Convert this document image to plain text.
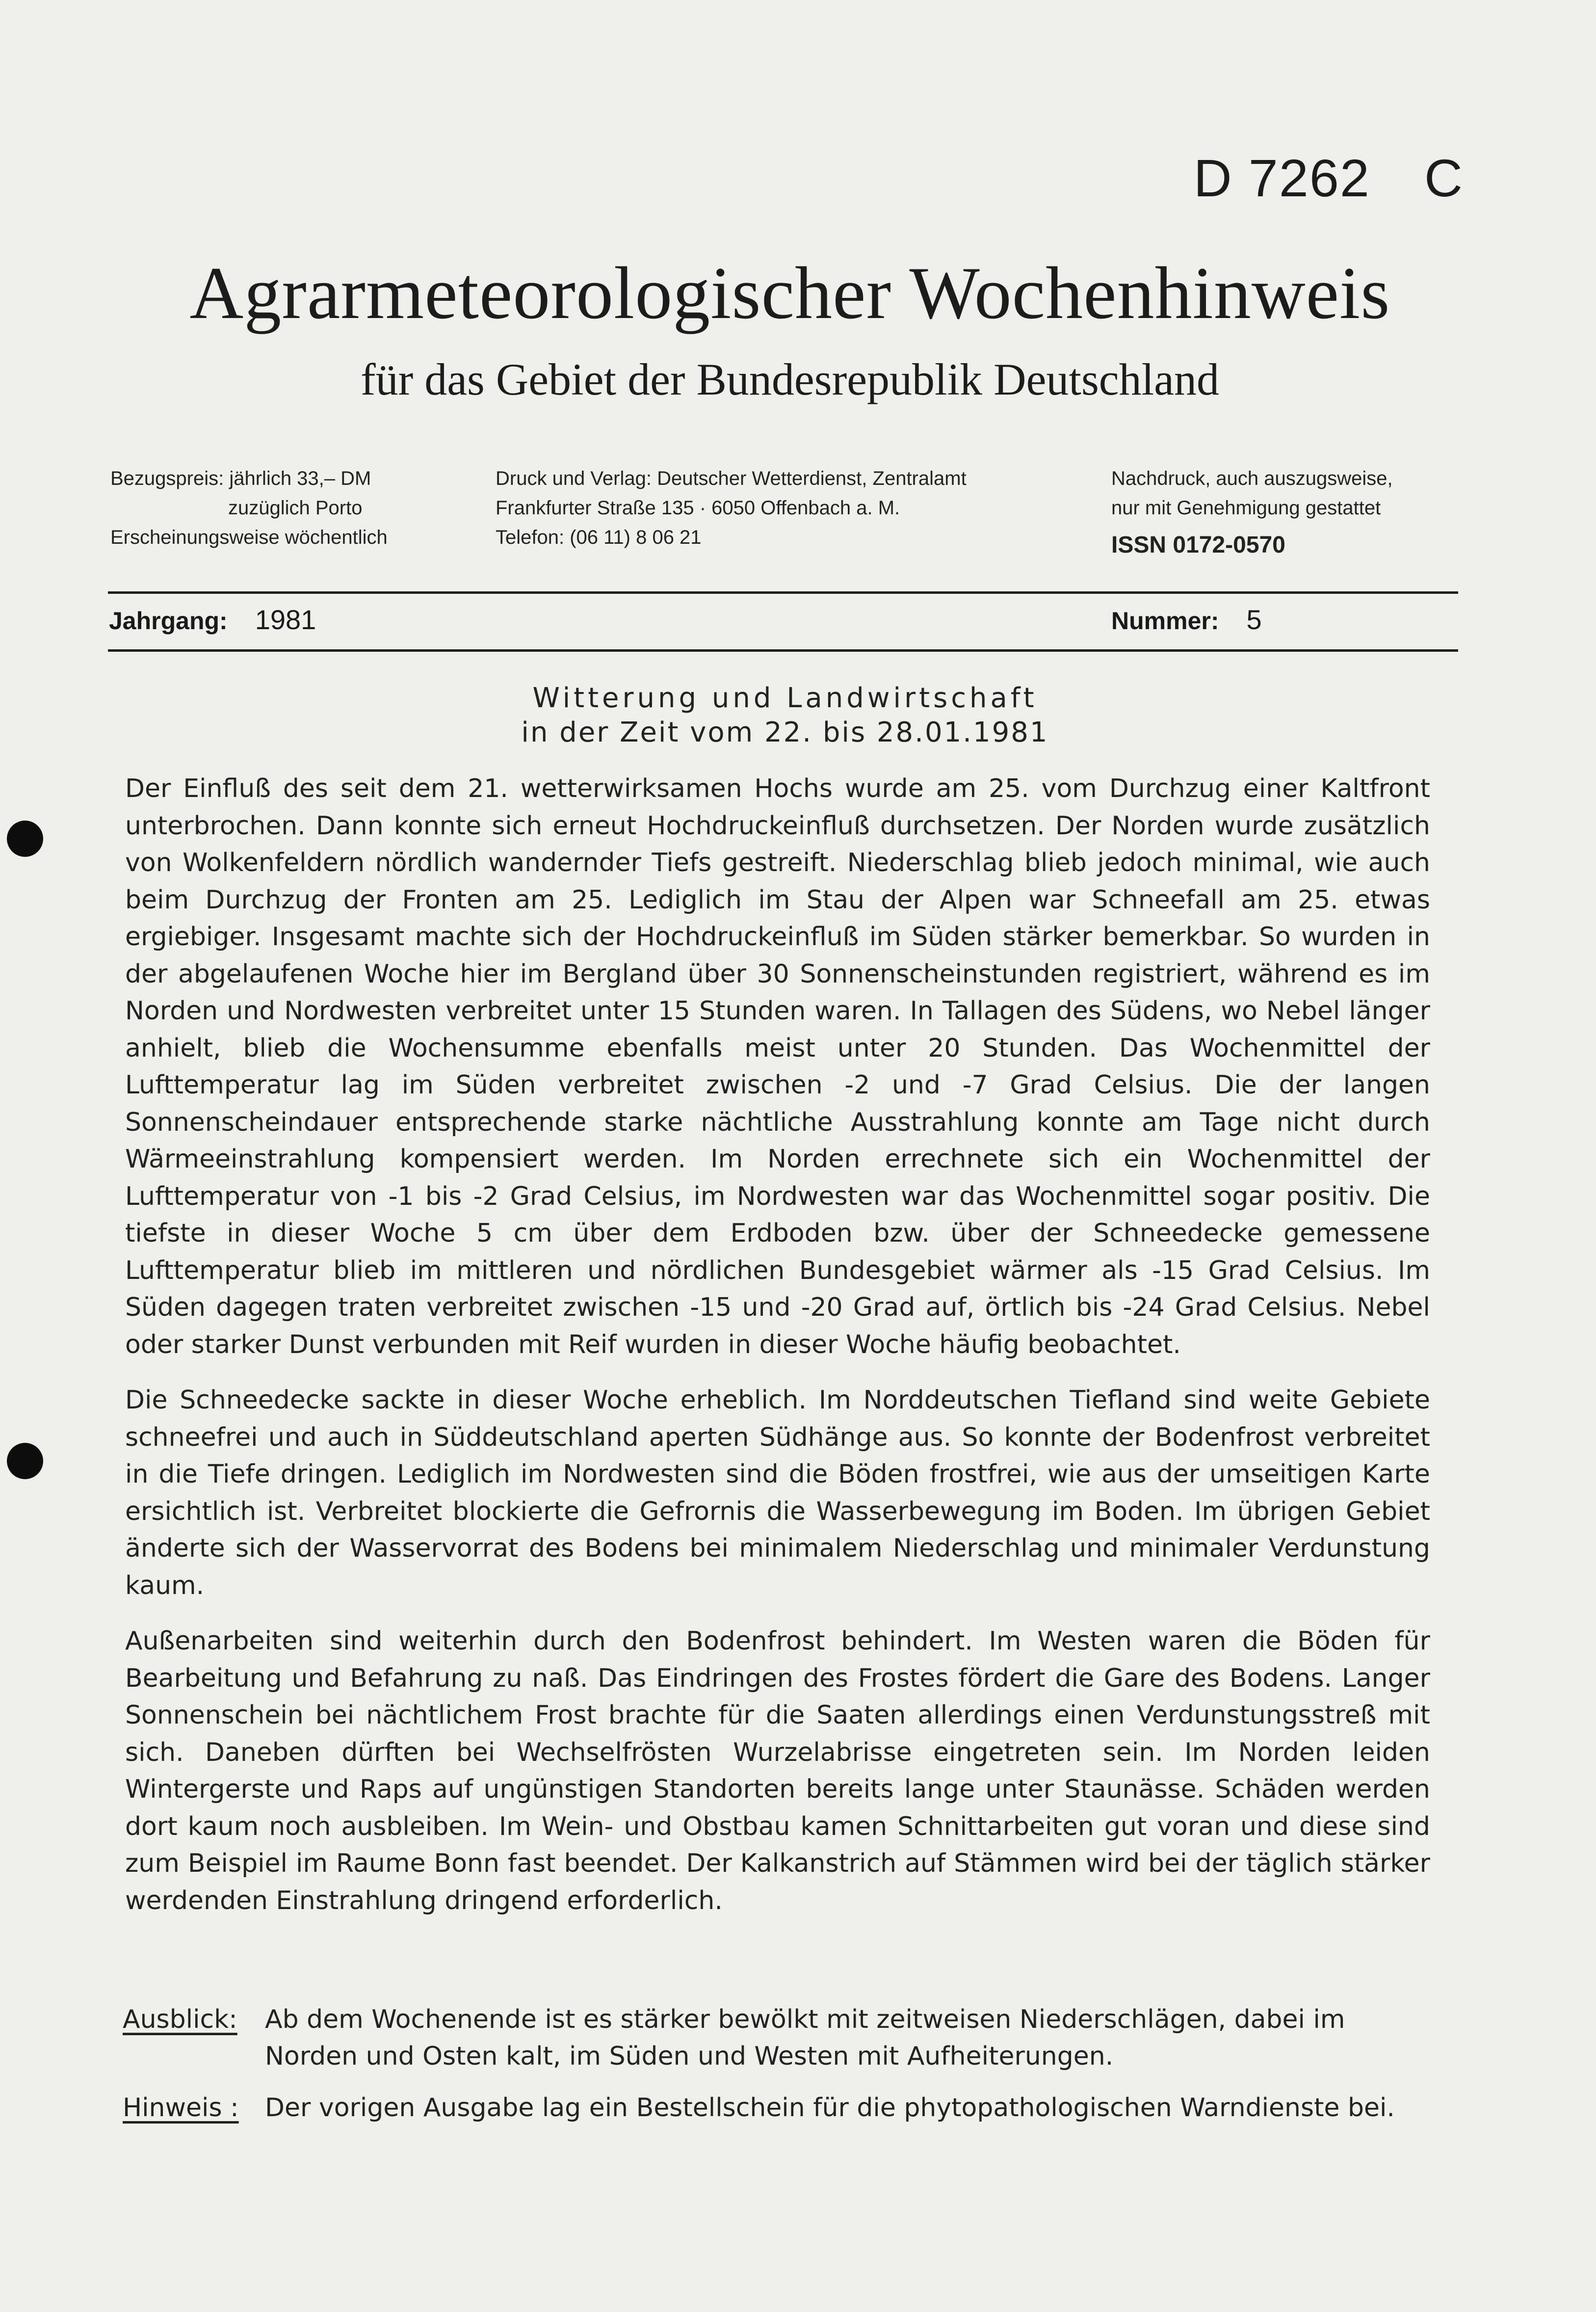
D 7262 C
Agrarmeteorologischer Wochenhinweis
für das Gebiet der Bundesrepublik Deutschland
Bezugspreis: jährlich 33,– DM
zuzüglich Porto
Erscheinungsweise wöchentlich
Druck und Verlag: Deutscher Wetterdienst, Zentralamt
Frankfurter Straße 135 · 6050 Offenbach a. M.
Telefon: (06 11) 8 06 21
Nachdruck, auch auszugsweise,
nur mit Genehmigung gestattet
ISSN 0172-0570
Jahrgang: 1981	Nummer: 5
Witterung und Landwirtschaft
in der Zeit vom 22. bis 28.01.1981

Der Einfluß des seit dem 21. wetterwirksamen Hochs wurde am 25. vom Durchzug einer Kaltfront unterbrochen. Dann konnte sich erneut Hochdruckeinfluß durchsetzen. Der Norden wurde zusätzlich von Wolkenfeldern nördlich wandernder Tiefs gestreift. Niederschlag blieb jedoch minimal, wie auch beim Durchzug der Fronten am 25. Lediglich im Stau der Alpen war Schneefall am 25. etwas ergiebiger. Insgesamt machte sich der Hochdruckeinfluß im Süden stärker bemerkbar. So wurden in der abgelaufenen Woche hier im Bergland über 30 Sonnenscheinstunden registriert, während es im Norden und Nordwesten verbreitet unter 15 Stunden waren. In Tallagen des Südens, wo Nebel länger anhielt, blieb die Wochensumme ebenfalls meist unter 20 Stunden. Das Wochenmittel der Lufttemperatur lag im Süden verbreitet zwischen -2 und -7 Grad Celsius. Die der langen Sonnenscheindauer entsprechende starke nächtliche Ausstrahlung konnte am Tage nicht durch Wärmeeinstrahlung kompensiert werden. Im Norden errechnete sich ein Wochenmittel der Lufttemperatur von -1 bis -2 Grad Celsius, im Nordwesten war das Wochenmittel sogar positiv. Die tiefste in dieser Woche 5 cm über dem Erdboden bzw. über der Schneedecke gemessene Lufttemperatur blieb im mittleren und nördlichen Bundesgebiet wärmer als -15 Grad Celsius. Im Süden dagegen traten verbreitet zwischen -15 und -20 Grad auf, örtlich bis -24 Grad Celsius. Nebel oder starker Dunst verbunden mit Reif wurden in dieser Woche häufig beobachtet.

Die Schneedecke sackte in dieser Woche erheblich. Im Norddeutschen Tiefland sind weite Gebiete schneefrei und auch in Süddeutschland aperten Südhänge aus. So konnte der Bodenfrost verbreitet in die Tiefe dringen. Lediglich im Nordwesten sind die Böden frostfrei, wie aus der umseitigen Karte ersichtlich ist. Verbreitet blockierte die Gefrornis die Wasserbewegung im Boden. Im übrigen Gebiet änderte sich der Wasservorrat des Bodens bei minimalem Niederschlag und minimaler Verdunstung kaum.

Außenarbeiten sind weiterhin durch den Bodenfrost behindert. Im Westen waren die Böden für Bearbeitung und Befahrung zu naß. Das Eindringen des Frostes fördert die Gare des Bodens. Langer Sonnenschein bei nächtlichem Frost brachte für die Saaten allerdings einen Verdunstungsstreß mit sich. Daneben dürften bei Wechselfrösten Wurzelabrisse eingetreten sein. Im Norden leiden Wintergerste und Raps auf ungünstigen Standorten bereits lange unter Staunässe. Schäden werden dort kaum noch ausbleiben. Im Wein- und Obstbau kamen Schnittarbeiten gut voran und diese sind zum Beispiel im Raume Bonn fast beendet. Der Kalkanstrich auf Stämmen wird bei der täglich stärker werdenden Einstrahlung dringend erforderlich.

Ausblick:	Ab dem Wochenende ist es stärker bewölkt mit zeitweisen Niederschlägen, dabei im Norden und Osten kalt, im Süden und Westen mit Aufheiterungen.
Hinweis :	Der vorigen Ausgabe lag ein Bestellschein für die phytopathologischen Warndienste bei.
